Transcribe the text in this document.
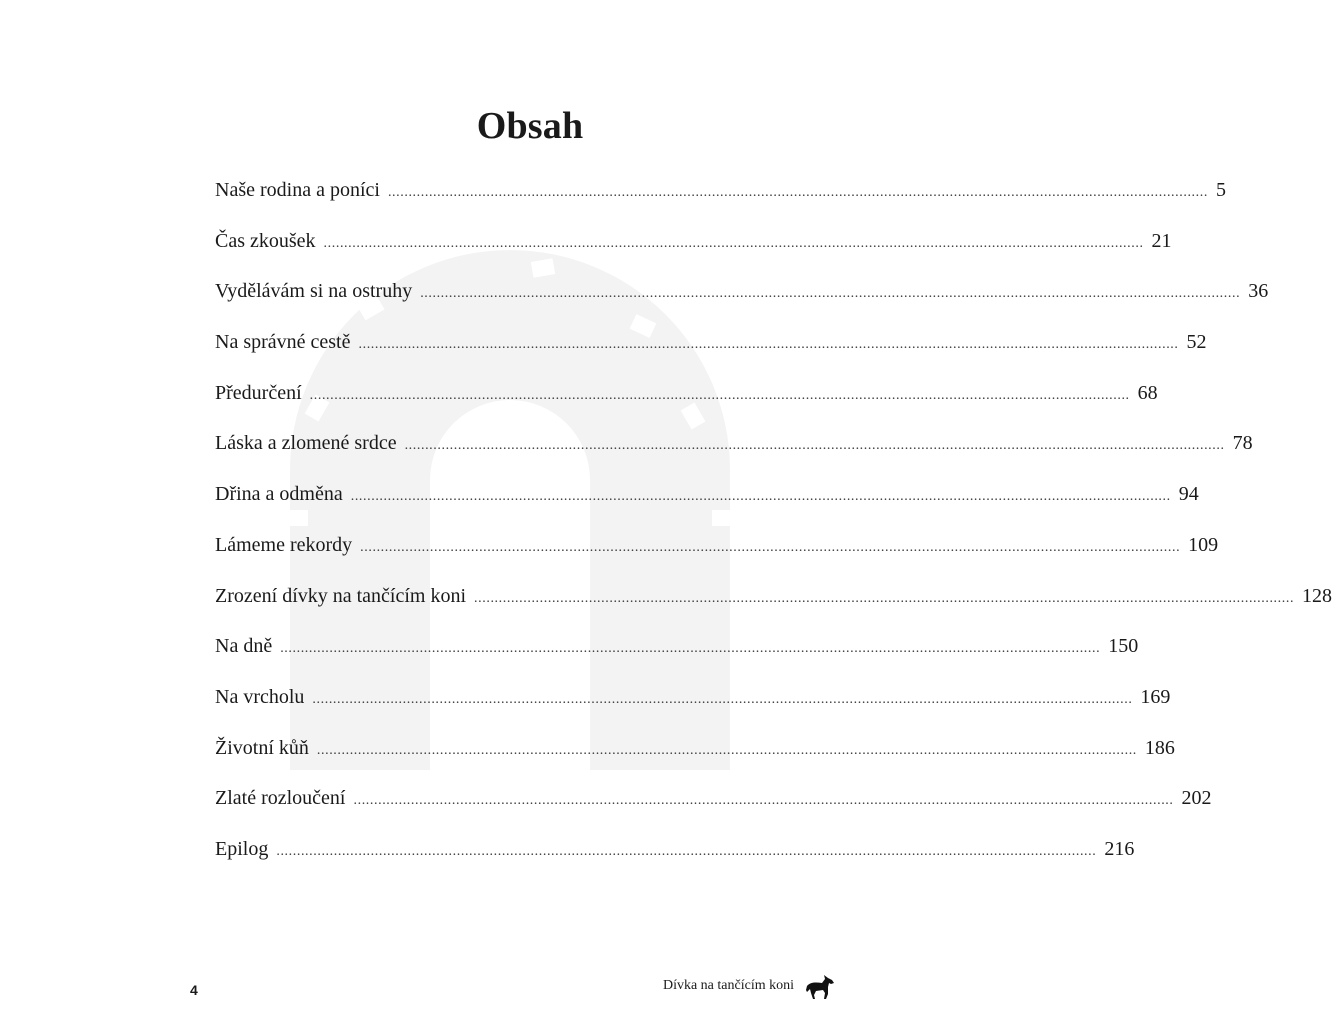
Obsah
Naše rodina a poníci ........................................................................................................................................................................................................ 5
Čas zkoušek ........................................................................................................................................................................................................ 21
Vydělávám si na ostruhy ........................................................................................................................................................................................................ 36
Na správné cestě ........................................................................................................................................................................................................ 52
Předurčení ........................................................................................................................................................................................................ 68
Láska a zlomené srdce ........................................................................................................................................................................................................ 78
Dřina a odměna ........................................................................................................................................................................................................ 94
Lámeme rekordy ........................................................................................................................................................................................................ 109
Zrození dívky na tančícím koni ........................................................................................................................................................................................................ 128
Na dně ........................................................................................................................................................................................................ 150
Na vrcholu ........................................................................................................................................................................................................ 169
Životní kůň ........................................................................................................................................................................................................ 186
Zlaté rozloučení ........................................................................................................................................................................................................ 202
Epilog ........................................................................................................................................................................................................ 216
4	Dívka na tančícím koni
